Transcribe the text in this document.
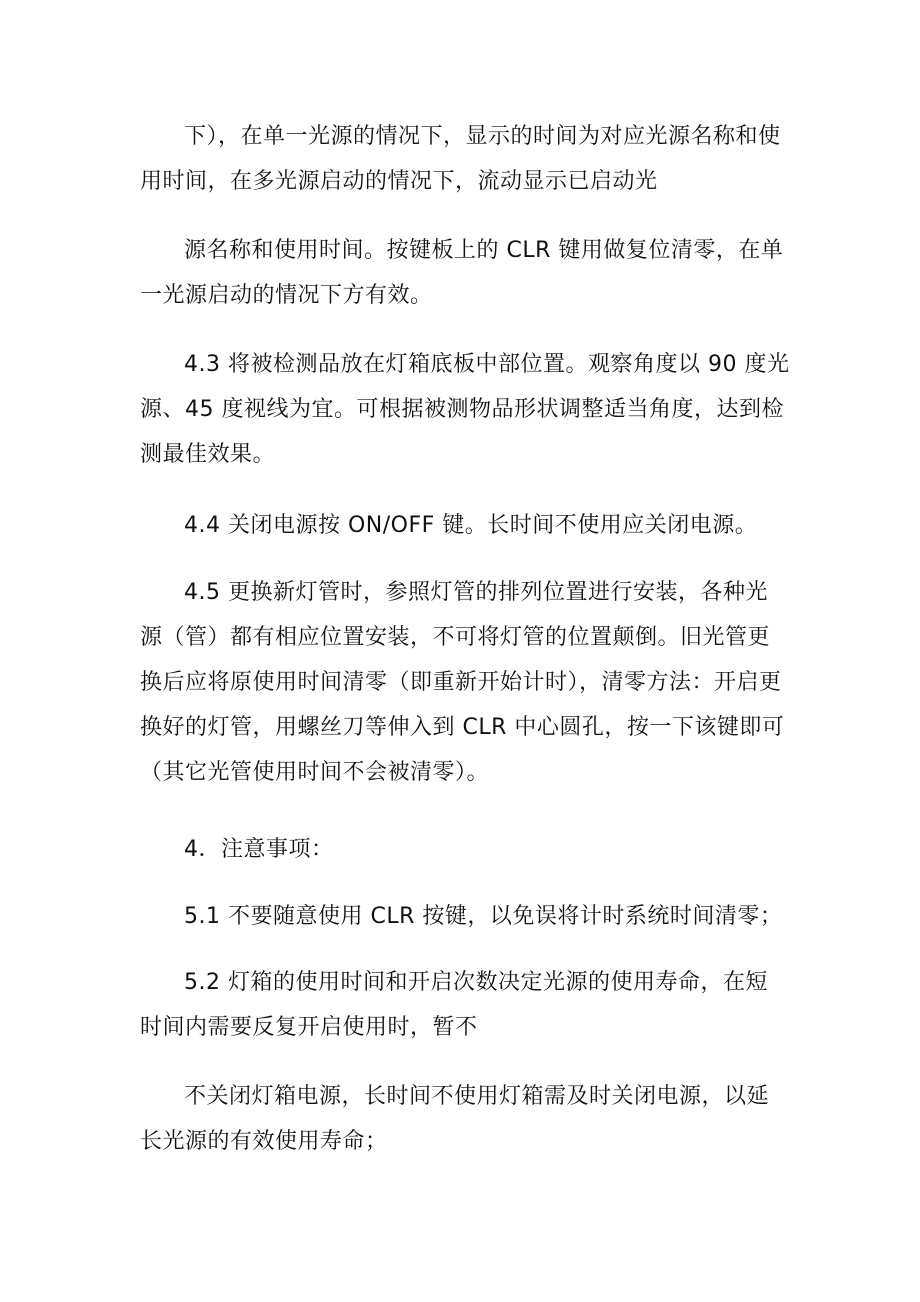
下），在单一光源的情况下，显示的时间为对应光源名称和使用时间，在多光源启动的情况下，流动显示已启动光

源名称和使用时间。按键板上的 CLR 键用做复位清零，在单一光源启动的情况下方有效。

4.3 将被检测品放在灯箱底板中部位置。观察角度以 90 度光源、45 度视线为宜。可根据被测物品形状调整适当角度，达到检测最佳效果。

4.4 关闭电源按 ON/OFF 键。长时间不使用应关闭电源。

4.5 更换新灯管时，参照灯管的排列位置进行安装，各种光源（管）都有相应位置安装，不可将灯管的位置颠倒。旧光管更换后应将原使用时间清零（即重新开始计时），清零方法：开启更换好的灯管，用螺丝刀等伸入到 CLR 中心圆孔，按一下该键即可（其它光管使用时间不会被清零）。

4．注意事项：

5.1 不要随意使用 CLR 按键，以免误将计时系统时间清零；

5.2 灯箱的使用时间和开启次数决定光源的使用寿命，在短时间内需要反复开启使用时，暂不

不关闭灯箱电源，长时间不使用灯箱需及时关闭电源，以延长光源的有效使用寿命；
